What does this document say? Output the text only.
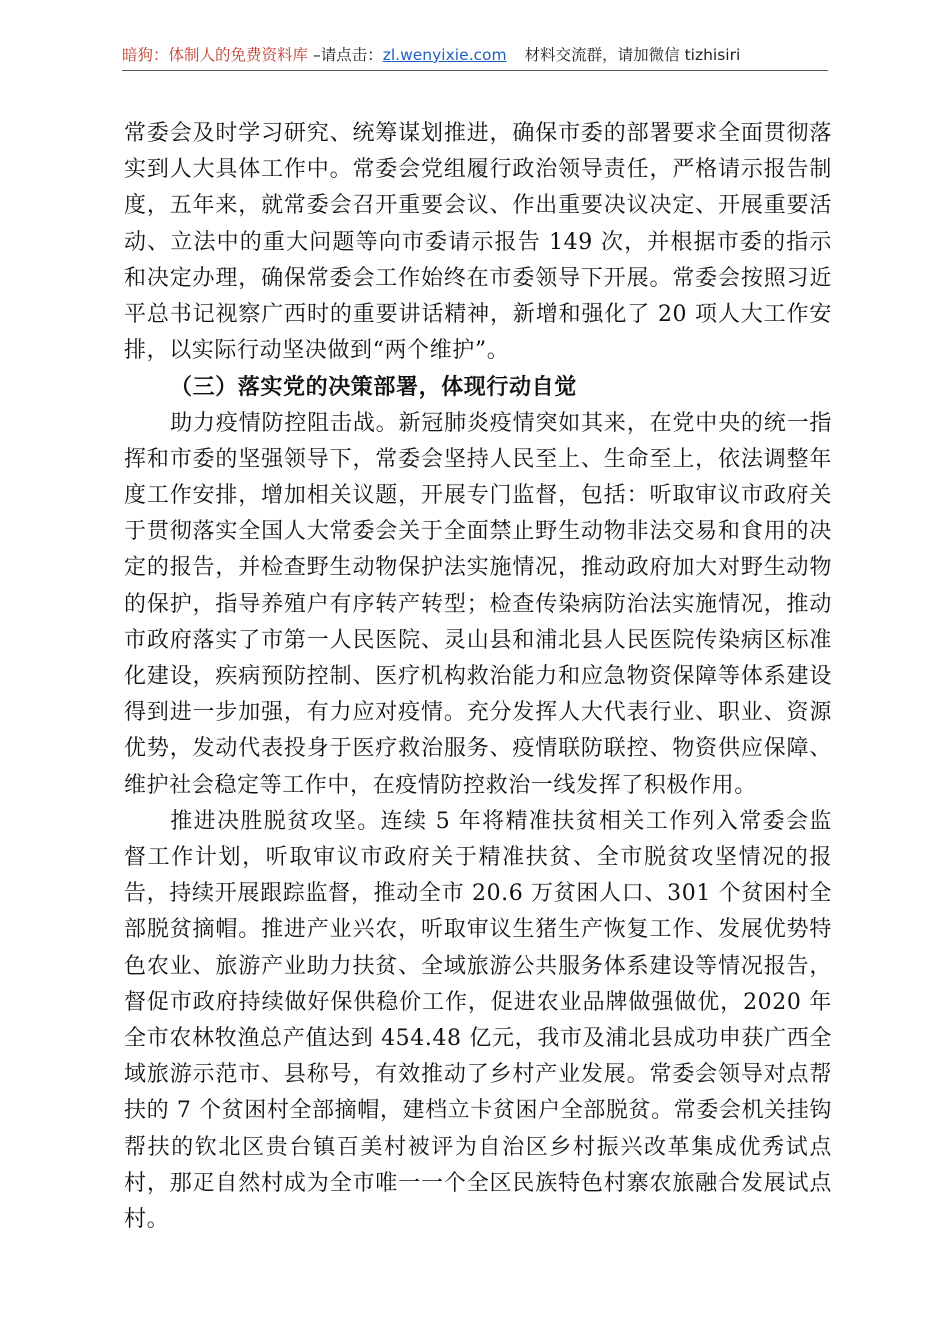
暗狗：体制人的免费资料库 –请点击：zl.wenyixie.com 材料交流群，请加微信 tizhisiri

常委会及时学习研究、统筹谋划推进，确保市委的部署要求全面贯彻落实到人大具体工作中。常委会党组履行政治领导责任，严格请示报告制度，五年来，就常委会召开重要会议、作出重要决议决定、开展重要活动、立法中的重大问题等向市委请示报告 149 次，并根据市委的指示和决定办理，确保常委会工作始终在市委领导下开展。常委会按照习近平总书记视察广西时的重要讲话精神，新增和强化了 20 项人大工作安排，以实际行动坚决做到“两个维护”。

（三）落实党的决策部署，体现行动自觉

助力疫情防控阻击战。新冠肺炎疫情突如其来，在党中央的统一指挥和市委的坚强领导下，常委会坚持人民至上、生命至上，依法调整年度工作安排，增加相关议题，开展专门监督，包括：听取审议市政府关于贯彻落实全国人大常委会关于全面禁止野生动物非法交易和食用的决定的报告，并检查野生动物保护法实施情况，推动政府加大对野生动物的保护，指导养殖户有序转产转型；检查传染病防治法实施情况，推动市政府落实了市第一人民医院、灵山县和浦北县人民医院传染病区标准化建设，疾病预防控制、医疗机构救治能力和应急物资保障等体系建设得到进一步加强，有力应对疫情。充分发挥人大代表行业、职业、资源优势，发动代表投身于医疗救治服务、疫情联防联控、物资供应保障、维护社会稳定等工作中，在疫情防控救治一线发挥了积极作用。

推进决胜脱贫攻坚。连续 5 年将精准扶贫相关工作列入常委会监督工作计划，听取审议市政府关于精准扶贫、全市脱贫攻坚情况的报告，持续开展跟踪监督，推动全市 20.6 万贫困人口、301 个贫困村全部脱贫摘帽。推进产业兴农，听取审议生猪生产恢复工作、发展优势特色农业、旅游产业助力扶贫、全域旅游公共服务体系建设等情况报告，督促市政府持续做好保供稳价工作，促进农业品牌做强做优，2020 年全市农林牧渔总产值达到 454.48 亿元，我市及浦北县成功申获广西全域旅游示范市、县称号，有效推动了乡村产业发展。常委会领导对点帮扶的 7 个贫困村全部摘帽，建档立卡贫困户全部脱贫。常委会机关挂钩帮扶的钦北区贵台镇百美村被评为自治区乡村振兴改革集成优秀试点村，那疋自然村成为全市唯一一个全区民族特色村寨农旅融合发展试点村。
